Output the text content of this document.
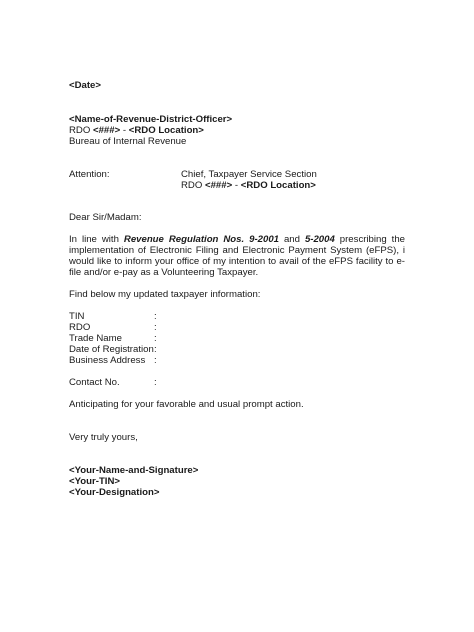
<Date>
<Name-of-Revenue-District-Officer>
RDO <###> - <RDO Location>
Bureau of Internal Revenue
Attention:	Chief, Taxpayer Service Section
RDO <###> - <RDO Location>
Dear Sir/Madam:
In line with Revenue Regulation Nos. 9-2001 and 5-2004 prescribing the implementation of Electronic Filing and Electronic Payment System (eFPS), i would like to inform your office of my intention to avail of the eFPS facility to e-file and/or e-pay as a Volunteering Taxpayer.
Find below my updated taxpayer information:
TIN	:
RDO	:
Trade Name	:
Date of Registration :
Business Address :
Contact No.	:
Anticipating for your favorable and usual prompt action.
Very truly yours,
<Your-Name-and-Signature>
<Your-TIN>
<Your-Designation>
